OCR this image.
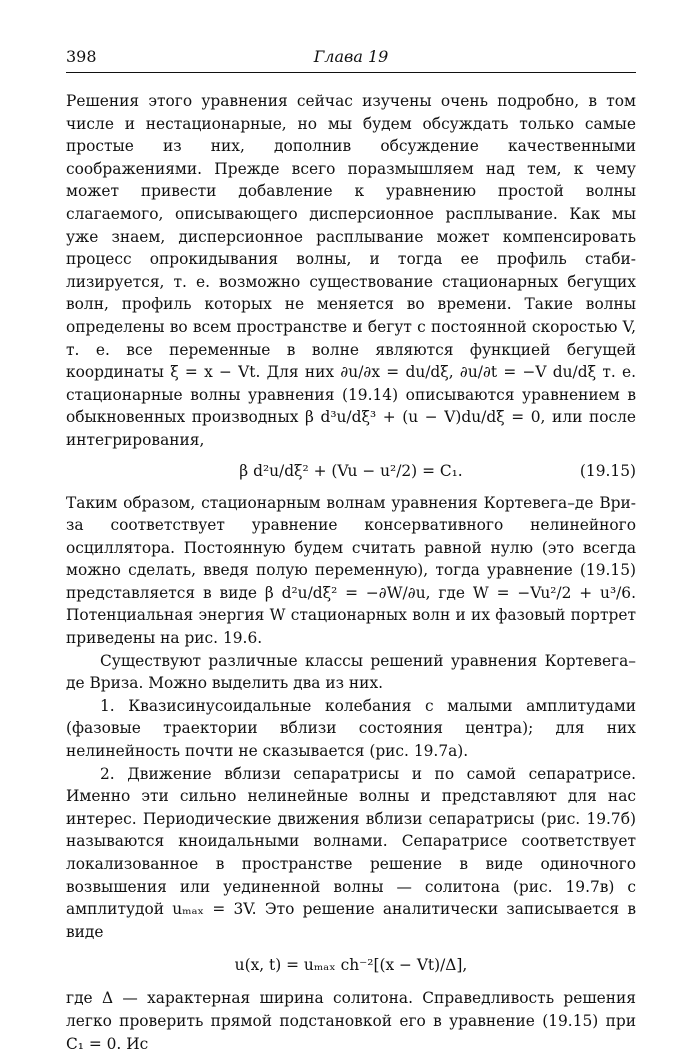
398	Глава 19

Решения этого уравнения сейчас изучены очень подробно, в том числе и нестационарные, но мы будем обсуждать только самые простые из них, дополнив обсуждение качественными соображениями. Прежде всего поразмышляем над тем, к чему может привести добавление к уравнению простой волны слагаемого, описывающего дисперсионное расплывание. Как мы уже знаем, дисперсионное расплывание может компенсировать процесс опрокидывания волны, и тогда ее профиль стабилизируется, т. е. возможно существование стационарных бегущих волн, профиль которых не меняется во времени. Такие волны определены во всем пространстве и бегут с постоянной скоростью V, т. е. все переменные в волне являются функцией бегущей координаты ξ = x − Vt. Для них ∂u/∂x = du/dξ, ∂u/∂t = −V du/dξ т. е. стационарные волны уравнения (19.14) описываются уравнением в обыкновенных производных β d³u/dξ³ + (u − V)du/dξ = 0, или после интегрирования,

β d²u/dξ² + (Vu − u²/2) = C₁.	(19.15)

Таким образом, стационарным волнам уравнения Кортевега–де Вриза соответствует уравнение консервативного нелинейного осциллятора. Постоянную будем считать равной нулю (это всегда можно сделать, введя полую переменную), тогда уравнение (19.15) представляется в виде β d²u/dξ² = −∂W/∂u, где W = −Vu²/2 + u³/6. Потенциальная энергия W стационарных волн и их фазовый портрет приведены на рис. 19.6.

Существуют различные классы решений уравнения Кортевега–де Вриза. Можно выделить два из них.

1. Квазисинусоидальные колебания с малыми амплитудами (фазовые траектории вблизи состояния центра); для них нелинейность почти не сказывается (рис. 19.7а).

2. Движение вблизи сепаратрисы и по самой сепаратрисе. Именно эти сильно нелинейные волны и представляют для нас интерес. Периодические движения вблизи сепаратрисы (рис. 19.7б) называются кноидальными волнами. Сепаратрисе соответствует локализованное в пространстве решение в виде одиночного возвышения или уединенной волны — солитона (рис. 19.7в) с амплитудой uₘₐₓ = 3V. Это решение аналитически записывается в виде

u(x, t) = uₘₐₓ ch⁻²[(x − Vt)/Δ],

где Δ — характерная ширина солитона. Справедливость решения легко проверить прямой подстановкой его в уравнение (19.15) при C₁ = 0. Ис
